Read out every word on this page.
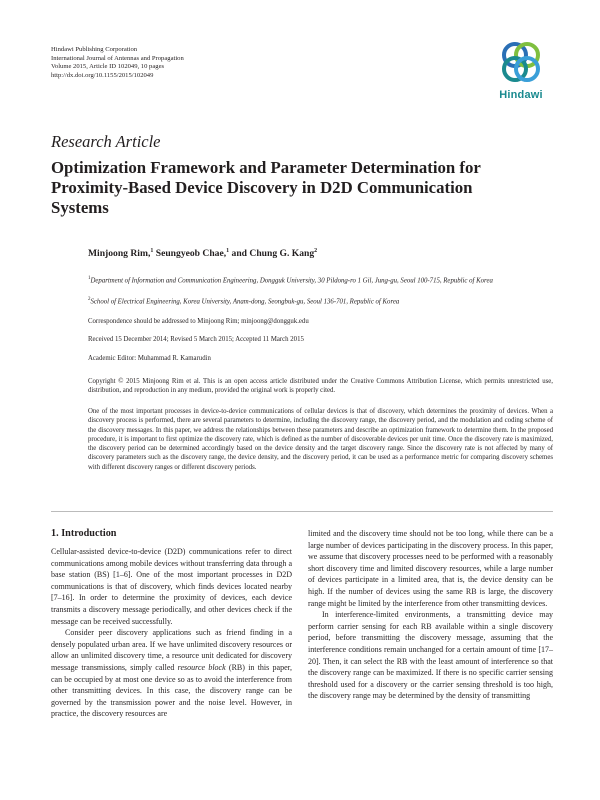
Hindawi Publishing Corporation
International Journal of Antennas and Propagation
Volume 2015, Article ID 102049, 10 pages
http://dx.doi.org/10.1155/2015/102049
Hindawi
Research Article
Optimization Framework and Parameter Determination for Proximity-Based Device Discovery in D2D Communication Systems
Minjoong Rim,$^1$ Seungyeob Chae,$^1$ and Chung G. Kang$^2$
$^1$Department of Information and Communication Engineering, Dongguk University, 30 Pildong-ro 1 Gil, Jung-gu, Seoul 100-715, Republic of Korea
$^2$School of Electrical Engineering, Korea University, Anam-dong, Seongbuk-gu, Seoul 136-701, Republic of Korea
Correspondence should be addressed to Minjoong Rim; minjoong@dongguk.edu
Received 15 December 2014; Revised 5 March 2015; Accepted 11 March 2015
Academic Editor: Muhammad R. Kamarudin
Copyright © 2015 Minjoong Rim et al. This is an open access article distributed under the Creative Commons Attribution License, which permits unrestricted use, distribution, and reproduction in any medium, provided the original work is properly cited.
One of the most important processes in device-to-device communications of cellular devices is that of discovery, which determines the proximity of devices. When a discovery process is performed, there are several parameters to determine, including the discovery range, the discovery period, and the modulation and coding scheme of the discovery messages. In this paper, we address the relationships between these parameters and describe an optimization framework to determine them. In the proposed procedure, it is important to first optimize the discovery rate, which is defined as the number of discoverable devices per unit time. Once the discovery rate is maximized, the discovery period can be determined accordingly based on the device density and the target discovery range. Since the discovery rate is not affected by many of discovery parameters such as the discovery range, the device density, and the discovery period, it can be used as a performance metric for comparing discovery schemes with different discovery ranges or different discovery periods.
1. Introduction

Cellular-assisted device-to-device (D2D) communications refer to direct communications among mobile devices without transferring data through a base station (BS) [1–6]. One of the most important processes in D2D communications is that of discovery, which finds devices located nearby [7–16]. In order to determine the proximity of devices, each device transmits a discovery message periodically, and other devices check if the message can be received successfully.

Consider peer discovery applications such as friend finding in a densely populated urban area. If we have unlimited discovery resources or allow an unlimited discovery time, a resource unit dedicated for discovery message transmissions, simply called resource block (RB) in this paper, can be occupied by at most one device so as to avoid the interference from other transmitting devices. In this case, the discovery range can be governed by the transmission power and the noise level. However, in practice, the discovery resources are

limited and the discovery time should not be too long, while there can be a large number of devices participating in the discovery process. In this paper, we assume that discovery processes need to be performed with a reasonably short discovery time and limited discovery resources, while a large number of devices participate in a limited area, that is, the device density can be high. If the number of devices using the same RB is large, the discovery range might be limited by the interference from other transmitting devices.

In interference-limited environments, a transmitting device may perform carrier sensing for each RB available within a single discovery period, before transmitting the discovery message, assuming that the interference conditions remain unchanged for a certain amount of time [17–20]. Then, it can select the RB with the least amount of interference so that the discovery range can be maximized. If there is no specific carrier sensing threshold used for a discovery or the carrier sensing threshold is too high, the discovery range may be determined by the density of transmitting
